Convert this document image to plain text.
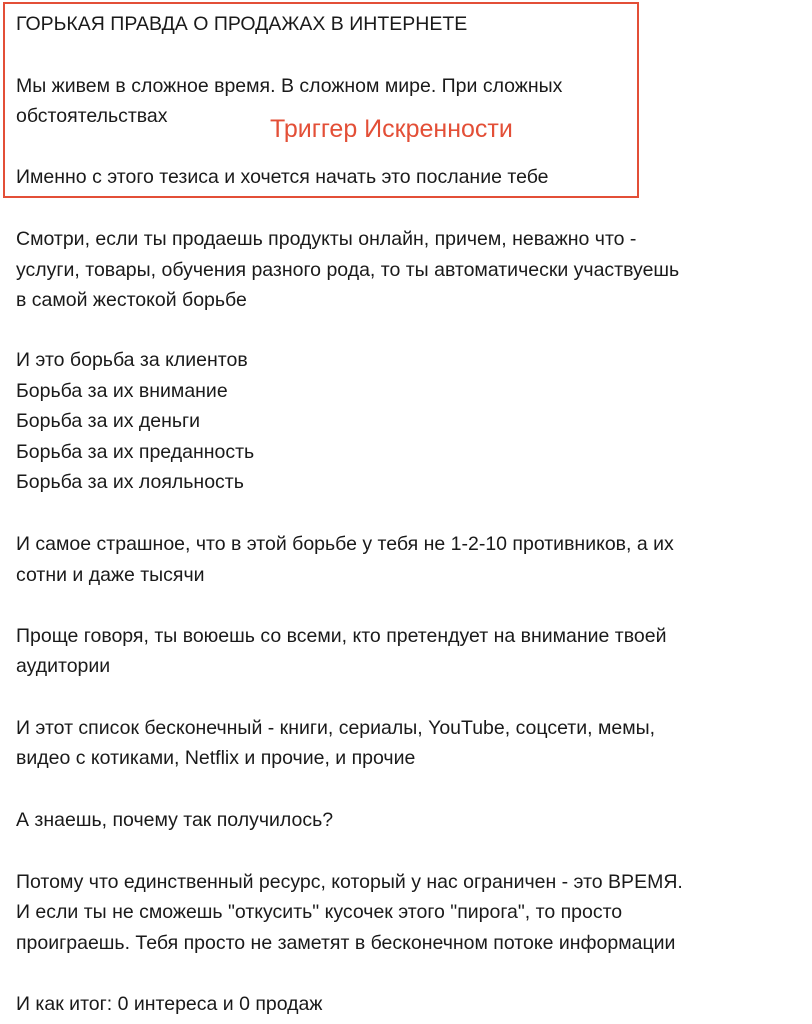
ГОРЬКАЯ ПРАВДА О ПРОДАЖАХ В ИНТЕРНЕТЕ
Мы живем в сложное время. В сложном мире. При сложных
обстоятельствах	Триггер Искренности
Именно с этого тезиса и хочется начать это послание тебе
Смотри, если ты продаешь продукты онлайн, причем, неважно что -
услуги, товары, обучения разного рода, то ты автоматически участвуешь
в самой жестокой борьбе
И это борьба за клиентов
Борьба за их внимание
Борьба за их деньги
Борьба за их преданность
Борьба за их лояльность
И самое страшное, что в этой борьбе у тебя не 1-2-10 противников, а их
сотни и даже тысячи
Проще говоря, ты воюешь со всеми, кто претендует на внимание твоей
аудитории
И этот список бесконечный - книги, сериалы, YouTube, соцсети, мемы,
видео с котиками, Netflix и прочие, и прочие
А знаешь, почему так получилось?
Потому что единственный ресурс, который у нас ограничен - это ВРЕМЯ.
И если ты не сможешь "откусить" кусочек этого "пирога", то просто
проиграешь. Тебя просто не заметят в бесконечном потоке информации
И как итог: 0 интереса и 0 продаж
